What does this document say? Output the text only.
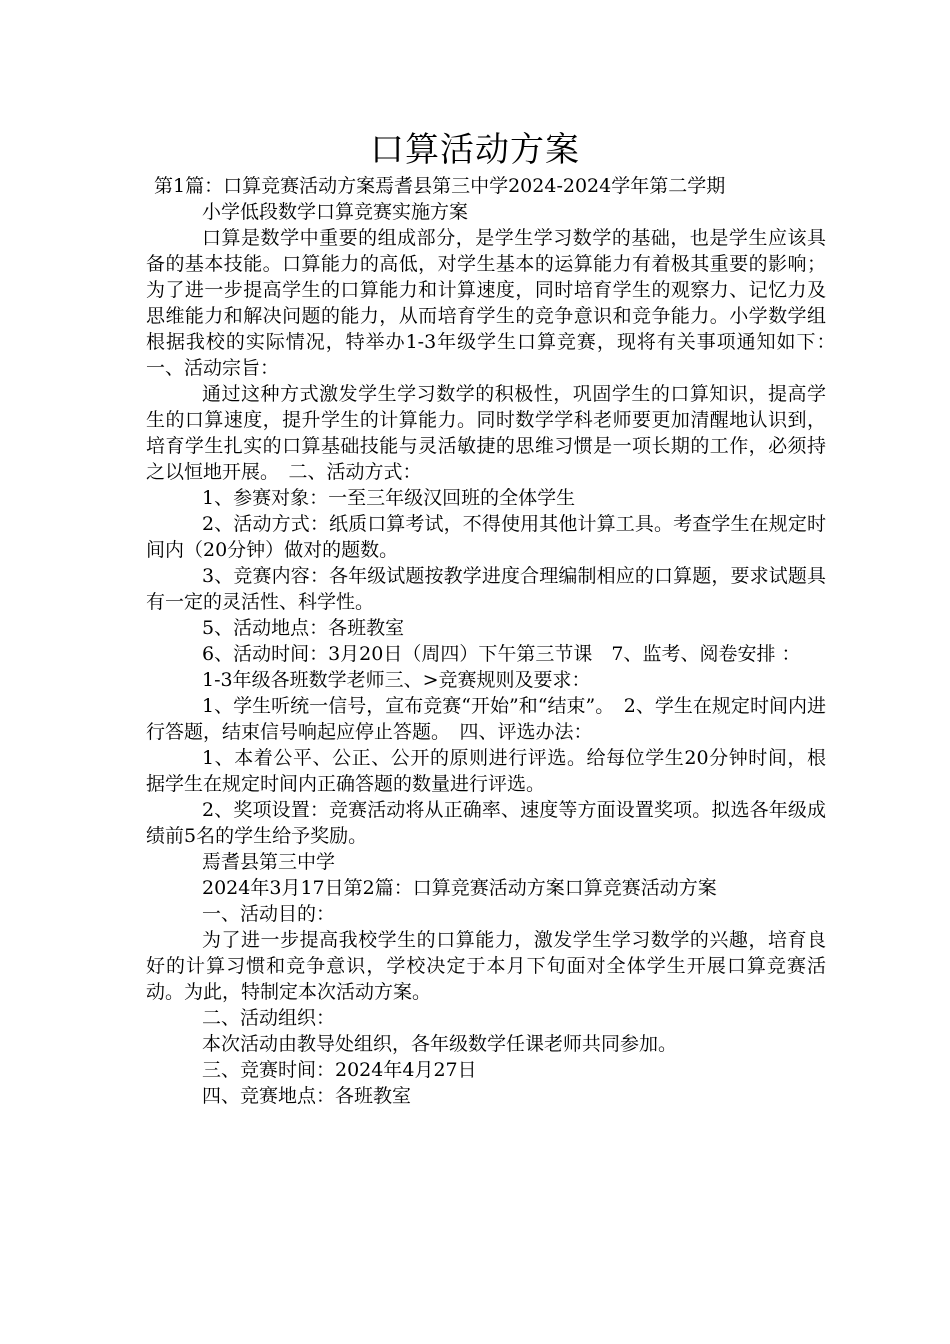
口算活动方案

第1篇：口算竞赛活动方案焉耆县第三中学2024-2024学年第二学期

小学低段数学口算竞赛实施方案

口算是数学中重要的组成部分，是学生学习数学的基础，也是学生应该具备的基本技能。口算能力的高低，对学生基本的运算能力有着极其重要的影响；为了进一步提高学生的口算能力和计算速度，同时培育学生的观察力、记忆力及思维能力和解决问题的能力，从而培育学生的竞争意识和竞争能力。小学数学组根据我校的实际情况，特举办1-3年级学生口算竞赛，现将有关事项通知如下：　一、活动宗旨：

通过这种方式激发学生学习数学的积极性，巩固学生的口算知识，提高学生的口算速度，提升学生的计算能力。同时数学学科老师要更加清醒地认识到，培育学生扎实的口算基础技能与灵活敏捷的思维习惯是一项长期的工作，必须持之以恒地开展。　二、活动方式：

1、参赛对象：一至三年级汉回班的全体学生

2、活动方式：纸质口算考试，不得使用其他计算工具。考查学生在规定时间内（20分钟）做对的题数。

3、竞赛内容：各年级试题按教学进度合理编制相应的口算题，要求试题具有一定的灵活性、科学性。

5、活动地点：各班教室

6、活动时间：3月20日（周四）下午第三节课　7、监考、阅卷安排 ：

1-3年级各班数学老师三、>竞赛规则及要求：

1、学生听统一信号，宣布竞赛“开始”和“结束”。　2、学生在规定时间内进行答题，结束信号响起应停止答题。　四、评选办法：

1、本着公平、公正、公开的原则进行评选。给每位学生20分钟时间，根据学生在规定时间内正确答题的数量进行评选。

2、奖项设置：竞赛活动将从正确率、速度等方面设置奖项。拟选各年级成绩前5名的学生给予奖励。

焉耆县第三中学

2024年3月17日第2篇：口算竞赛活动方案口算竞赛活动方案

一、活动目的：

为了进一步提高我校学生的口算能力，激发学生学习数学的兴趣，培育良好的计算习惯和竞争意识，学校决定于本月下旬面对全体学生开展口算竞赛活动。为此，特制定本次活动方案。

二、活动组织：

本次活动由教导处组织，各年级数学任课老师共同参加。

三、竞赛时间：2024年4月27日

四、竞赛地点：各班教室
